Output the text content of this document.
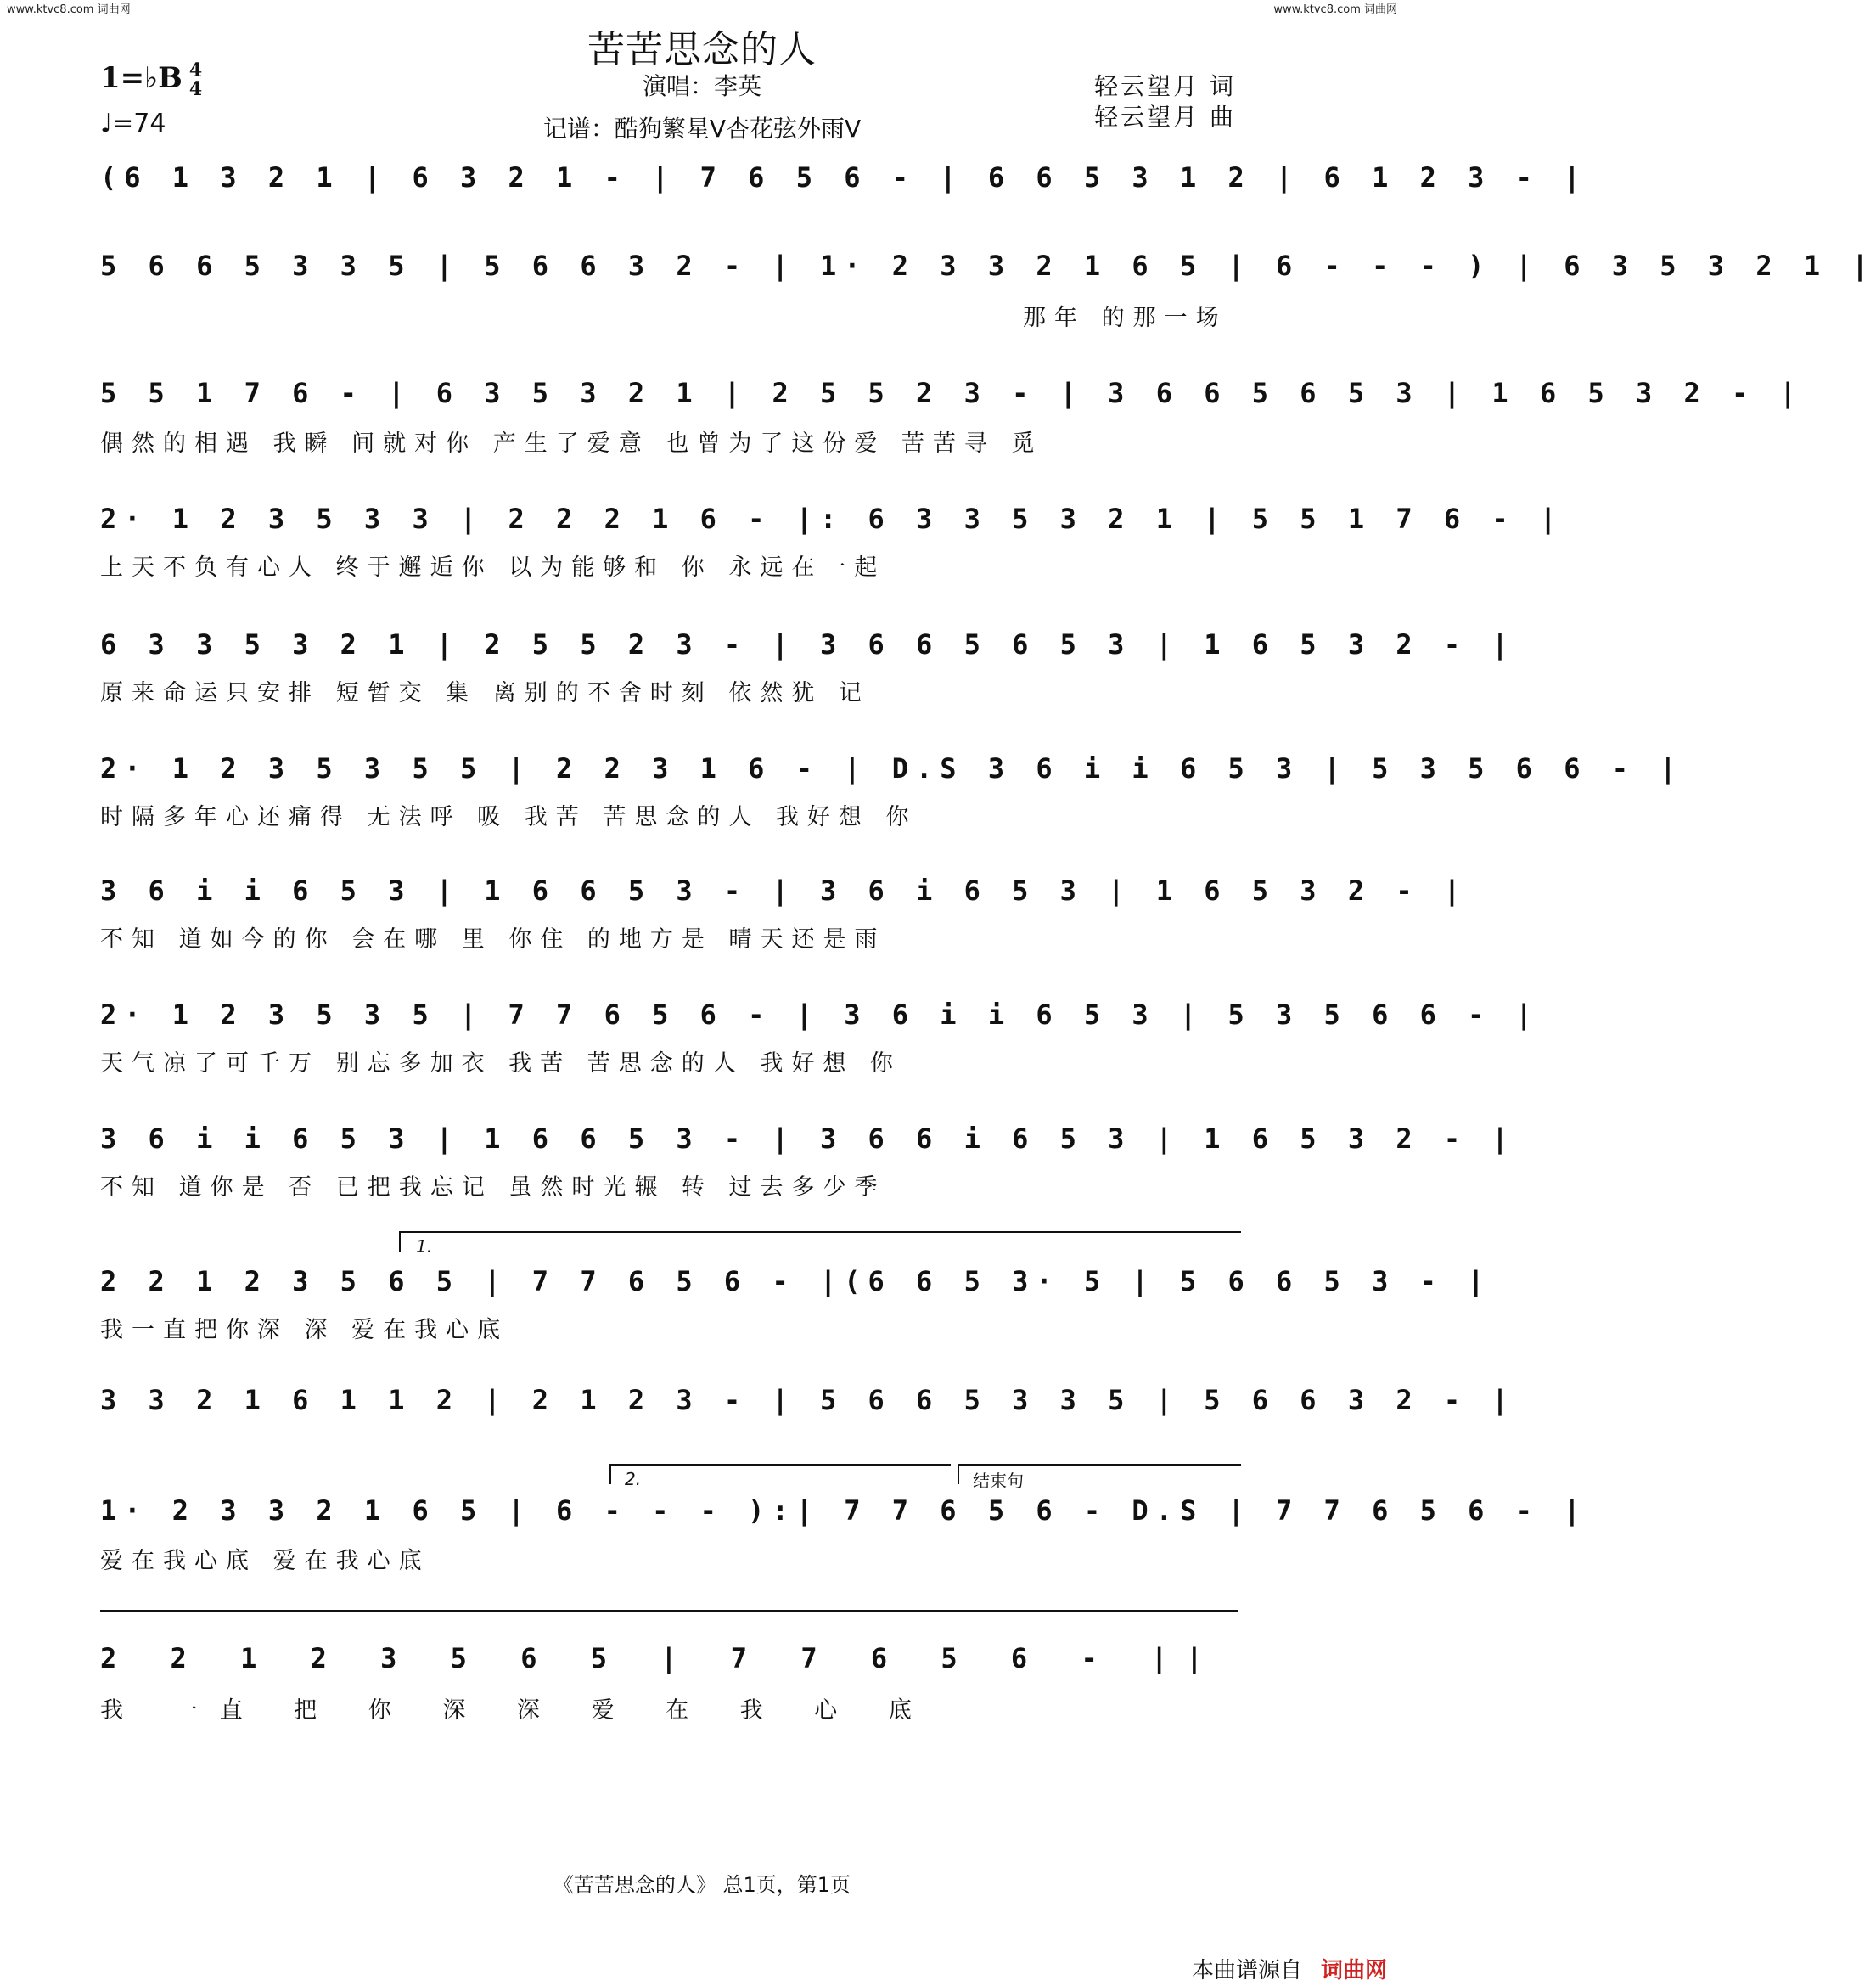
www.ktvc8.com 词曲网	www.ktvc8.com 词曲网
苦苦思念的人
1=♭B 4
4
♩=74
演唱：李英
记谱：酷狗繁星V杏花弦外雨V
轻云望月 词
轻云望月 曲
(6 1 3 2 1 | 6 3 2 1 - | 7 6 5 6 - | 6 6 5 3 1 2 | 6 1 2 3 - |
5 6 6 5 3 3 5 | 5 6 6 3 2 - | 1· 2 3 3 2 1 6 5 | 6 - - - ) | 6 3 5 3 2 1 |
那年 的那一场
5 5 1 7 6 - | 6 3 5 3 2 1 | 2 5 5 2 3 - | 3 6 6 5 6 5 3 | 1 6 5 3 2 - |
偶然的相遇 我瞬 间就对你 产生了爱意 也曾为了这份爱 苦苦寻 觅
2· 1 2 3 5 3 3 | 2 2 2 1 6 - |: 6 3 3 5 3 2 1 | 5 5 1 7 6 - |
上天不负有心人 终于邂逅你 以为能够和 你 永远在一起
6 3 3 5 3 2 1 | 2 5 5 2 3 - | 3 6 6 5 6 5 3 | 1 6 5 3 2 - |
原来命运只安排 短暂交 集 离别的不舍时刻 依然犹 记
2· 1 2 3 5 3 5 5 | 2 2 3 1 6 - | D.S 3 6 i i 6 5 3 | 5 3 5 6 6 - |
时隔多年心还痛得 无法呼 吸 我苦 苦思念的人 我好想 你
3 6 i i 6 5 3 | 1 6 6 5 3 - | 3 6 i 6 5 3 | 1 6 5 3 2 - |
不知 道如今的你 会在哪 里 你住 的地方是 晴天还是雨
2· 1 2 3 5 3 5 | 7 7 6 5 6 - | 3 6 i i 6 5 3 | 5 3 5 6 6 - |
天气凉了可千万 别忘多加衣 我苦 苦思念的人 我好想 你
3 6 i i 6 5 3 | 1 6 6 5 3 - | 3 6 6 i 6 5 3 | 1 6 5 3 2 - |
不知 道你是 否 已把我忘记 虽然时光辗 转 过去多少季
1.
2 2 1 2 3 5 6 5 | 7 7 6 5 6 - |(6 6 5 3· 5 | 5 6 6 5 3 - |
我一直把你深 深 爱在我心底
3 3 2 1 6 1 1 2 | 2 1 2 3 - | 5 6 6 5 3 3 5 | 5 6 6 3 2 - |
2.	结束句
1· 2 3 3 2 1 6 5 | 6 - - - ):| 7 7 6 5 6 - D.S | 7 7 6 5 6 - |
爱在我心底 爱在我心底
2 2 1 2 3 5 6 5 | 7 7 6 5 6 - ||
我 一直 把 你 深 深 爱 在 我 心 底
《苦苦思念的人》 总1页，第1页
本曲谱源自 词曲网
